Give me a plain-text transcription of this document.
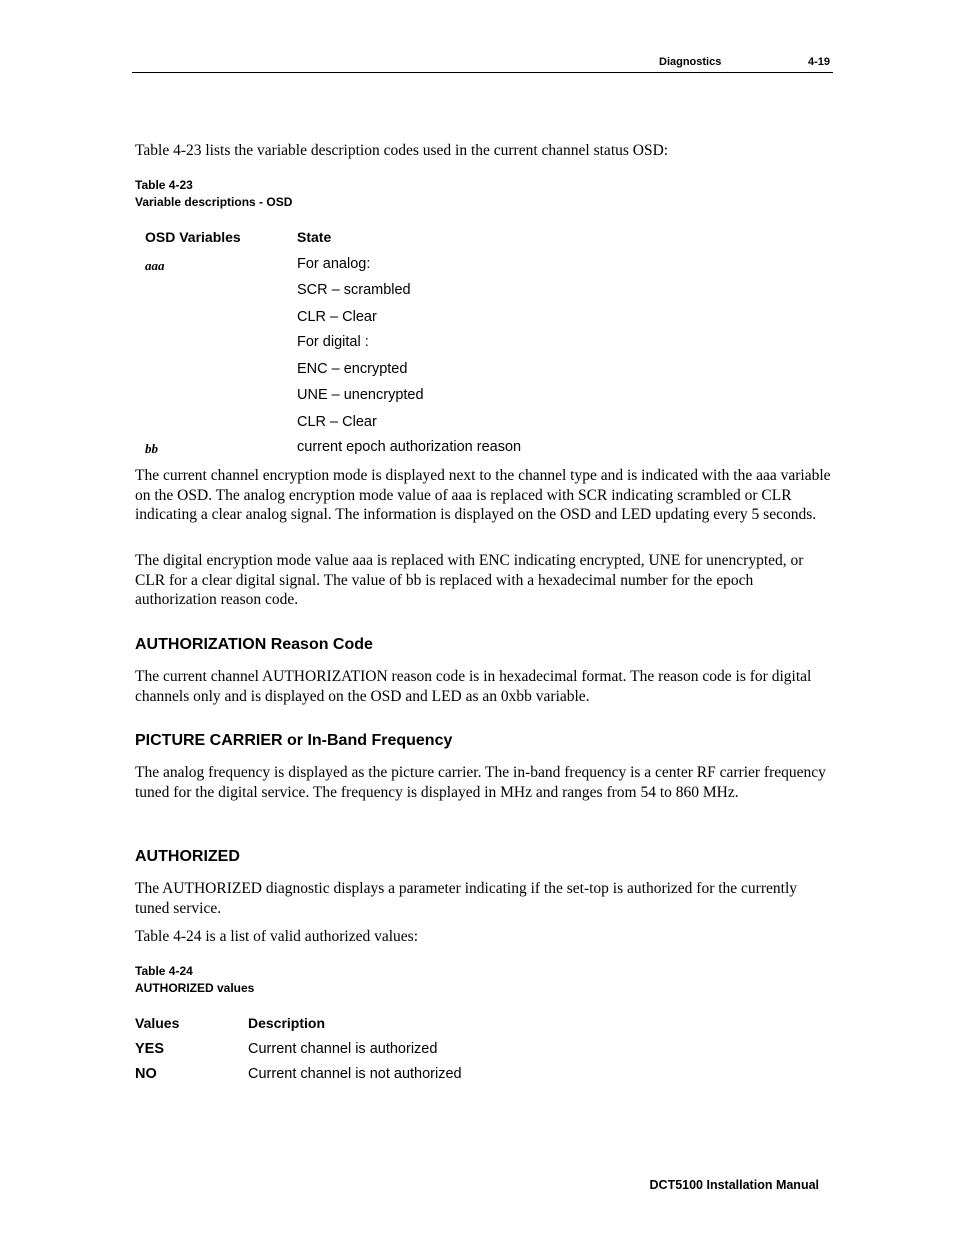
Diagnostics	4-19
Table 4-23 lists the variable description codes used in the current channel status OSD:
Table 4-23
Variable descriptions - OSD
OSD Variables	State
aaa	For analog:
SCR – scrambled
CLR – Clear
For digital :
ENC – encrypted
UNE – unencrypted
CLR – Clear
bb	current epoch authorization reason
The current channel encryption mode is displayed next to the channel type and is indicated with the aaa variable on the OSD. The analog encryption mode value of aaa is replaced with SCR indicating scrambled or CLR indicating a clear analog signal. The information is displayed on the OSD and LED updating every 5 seconds.
The digital encryption mode value aaa is replaced with ENC indicating encrypted, UNE for unencrypted, or CLR for a clear digital signal. The value of bb is replaced with a hexadecimal number for the epoch authorization reason code.
AUTHORIZATION Reason Code
The current channel AUTHORIZATION reason code is in hexadecimal format. The reason code is for digital channels only and is displayed on the OSD and LED as an 0xbb variable.
PICTURE CARRIER or In-Band Frequency
The analog frequency is displayed as the picture carrier. The in-band frequency is a center RF carrier frequency tuned for the digital service. The frequency is displayed in MHz and ranges from 54 to 860 MHz.
AUTHORIZED
The AUTHORIZED diagnostic displays a parameter indicating if the set-top is authorized for the currently tuned service.
Table 4-24 is a list of valid authorized values:
Table 4-24
AUTHORIZED values
Values	Description
YES	Current channel is authorized
NO	Current channel is not authorized
DCT5100 Installation Manual
